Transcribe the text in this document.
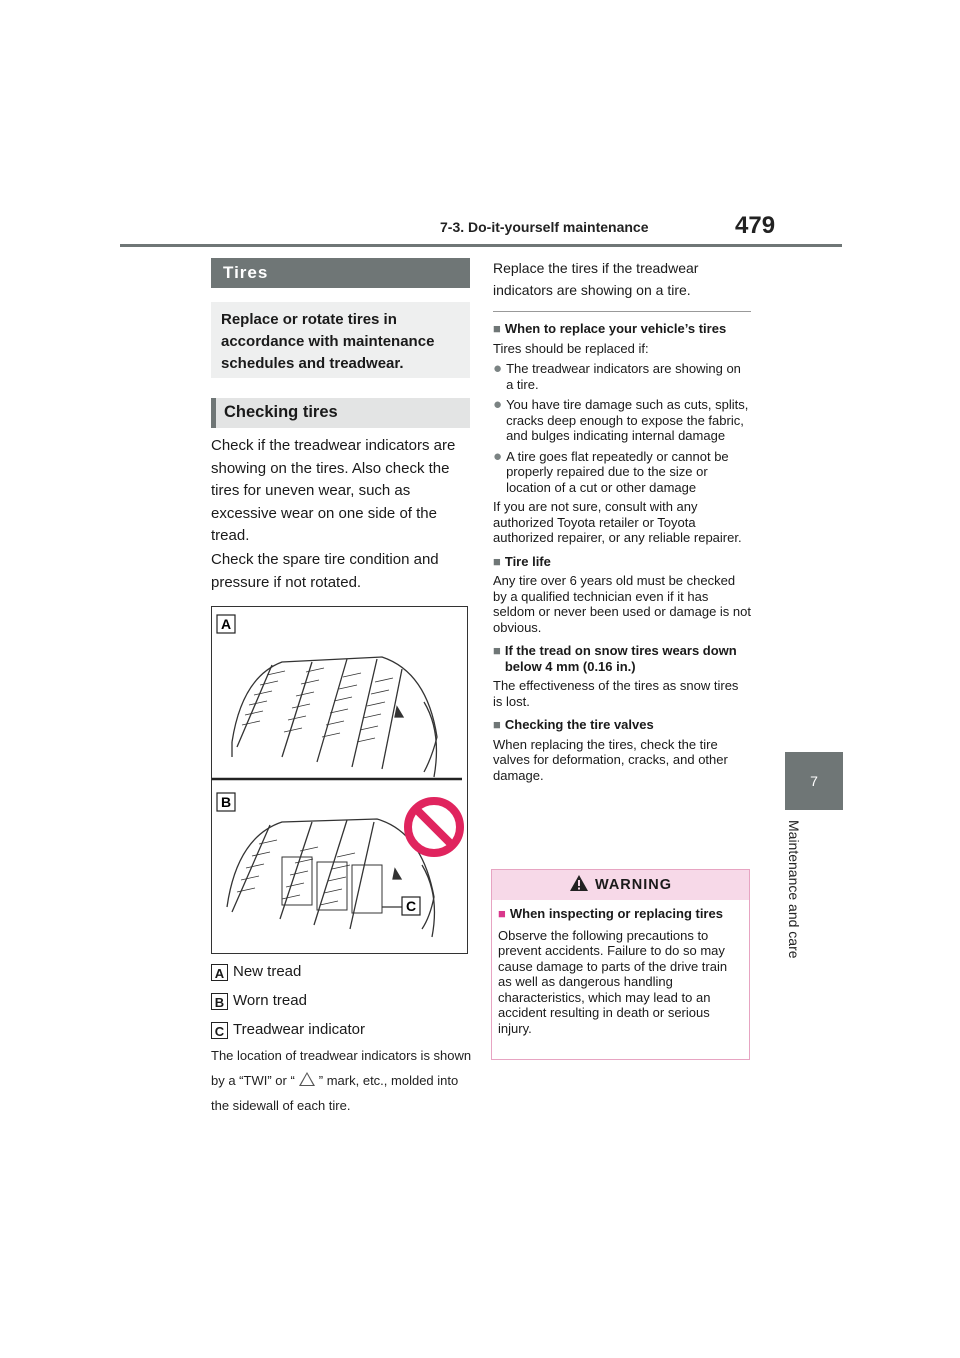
7-3. Do-it-yourself maintenance	479
7
Maintenance and care
Tires
Replace or rotate tires in accordance with maintenance schedules and treadwear.
Checking tires
Check if the treadwear indicators are showing on the tires. Also check the tires for uneven wear, such as excessive wear on one side of the tread.
Check the spare tire condition and pressure if not rotated.
A
B
C
A New tread
B Worn tread
C Treadwear indicator
The location of treadwear indicators is shown by a “TWI” or “ ” mark, etc., molded into the sidewall of each tire.
Replace the tires if the treadwear indicators are showing on a tire.
■ When to replace your vehicle’s tires
Tires should be replaced if:
● The treadwear indicators are showing on a tire.
● You have tire damage such as cuts, splits, cracks deep enough to expose the fabric, and bulges indicating internal damage
● A tire goes flat repeatedly or cannot be properly repaired due to the size or location of a cut or other damage
If you are not sure, consult with any authorized Toyota retailer or Toyota authorized repairer, or any reliable repairer.
■ Tire life
Any tire over 6 years old must be checked by a qualified technician even if it has seldom or never been used or damage is not obvious.
■ If the tread on snow tires wears down below 4 mm (0.16 in.)
The effectiveness of the tires as snow tires is lost.
■ Checking the tire valves
When replacing the tires, check the tire valves for deformation, cracks, and other damage.
WARNING
■ When inspecting or replacing tires
Observe the following precautions to prevent accidents. Failure to do so may cause damage to parts of the drive train as well as dangerous handling characteristics, which may lead to an accident resulting in death or serious injury.
